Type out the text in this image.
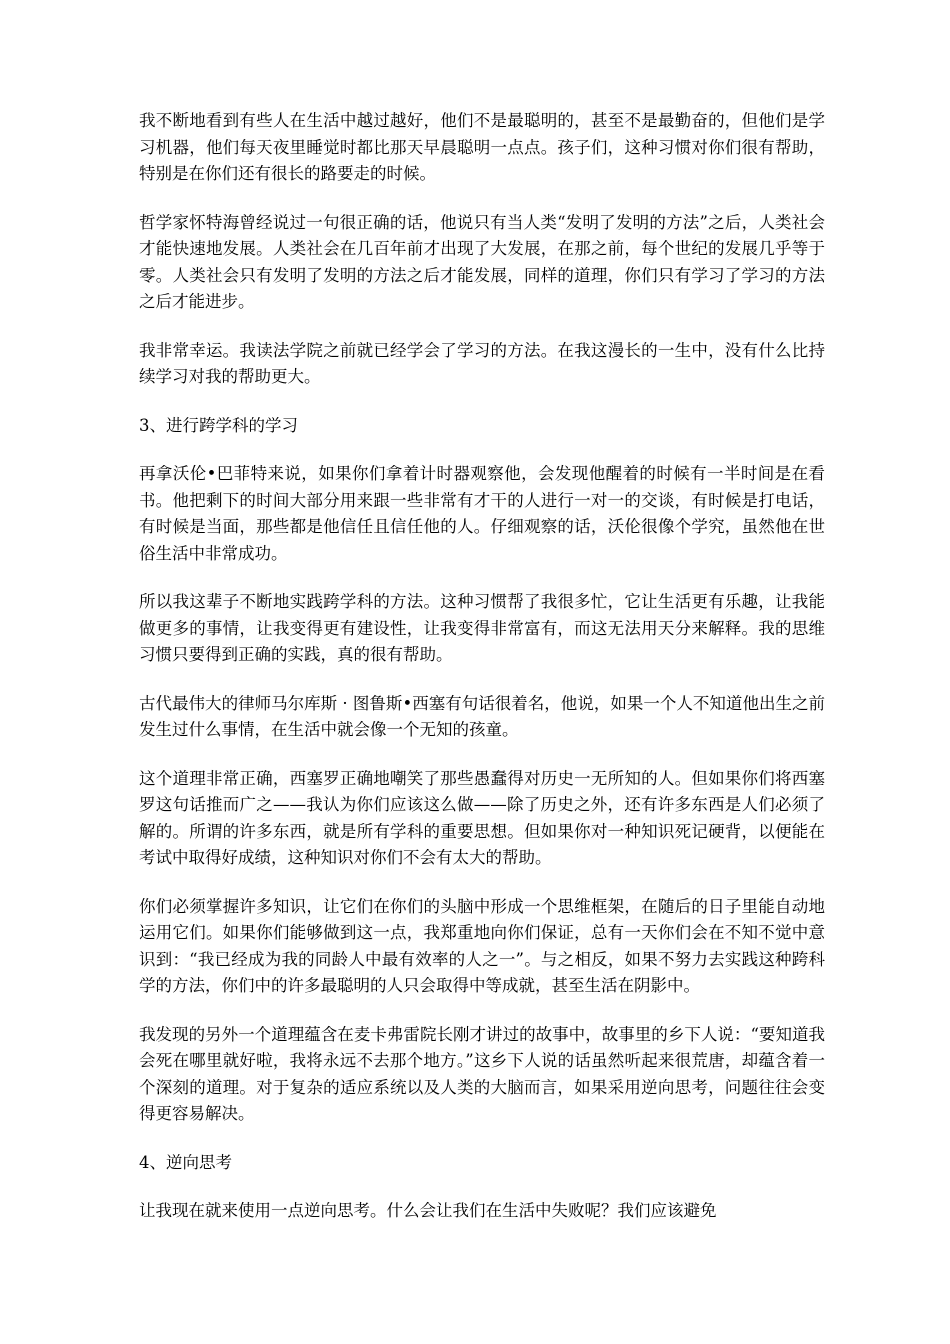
我不断地看到有些人在生活中越过越好，他们不是最聪明的，甚至不是最勤奋的，但他们是学习机器，他们每天夜里睡觉时都比那天早晨聪明一点点。孩子们，这种习惯对你们很有帮助，特别是在你们还有很长的路要走的时候。

哲学家怀特海曾经说过一句很正确的话，他说只有当人类“发明了发明的方法”之后，人类社会才能快速地发展。人类社会在几百年前才出现了大发展，在那之前，每个世纪的发展几乎等于零。人类社会只有发明了发明的方法之后才能发展，同样的道理，你们只有学习了学习的方法之后才能进步。

我非常幸运。我读法学院之前就已经学会了学习的方法。在我这漫长的一生中，没有什么比持续学习对我的帮助更大。

3、进行跨学科的学习

再拿沃伦•巴菲特来说，如果你们拿着计时器观察他，会发现他醒着的时候有一半时间是在看书。他把剩下的时间大部分用来跟一些非常有才干的人进行一对一的交谈，有时候是打电话，有时候是当面，那些都是他信任且信任他的人。仔细观察的话，沃伦很像个学究，虽然他在世俗生活中非常成功。

所以我这辈子不断地实践跨学科的方法。这种习惯帮了我很多忙，它让生活更有乐趣，让我能做更多的事情，让我变得更有建设性，让我变得非常富有，而这无法用天分来解释。我的思维习惯只要得到正确的实践，真的很有帮助。

古代最伟大的律师马尔库斯 · 图鲁斯•西塞有句话很着名，他说，如果一个人不知道他出生之前发生过什么事情，在生活中就会像一个无知的孩童。

这个道理非常正确，西塞罗正确地嘲笑了那些愚蠢得对历史一无所知的人。但如果你们将西塞罗这句话推而广之——我认为你们应该这么做——除了历史之外，还有许多东西是人们必须了解的。所谓的许多东西，就是所有学科的重要思想。但如果你对一种知识死记硬背，以便能在考试中取得好成绩，这种知识对你们不会有太大的帮助。

你们必须掌握许多知识，让它们在你们的头脑中形成一个思维框架，在随后的日子里能自动地运用它们。如果你们能够做到这一点，我郑重地向你们保证，总有一天你们会在不知不觉中意识到：“我已经成为我的同龄人中最有效率的人之一”。与之相反，如果不努力去实践这种跨科学的方法，你们中的许多最聪明的人只会取得中等成就，甚至生活在阴影中。

我发现的另外一个道理蕴含在麦卡弗雷院长刚才讲过的故事中，故事里的乡下人说：“要知道我会死在哪里就好啦，我将永远不去那个地方。”这乡下人说的话虽然听起来很荒唐，却蕴含着一个深刻的道理。对于复杂的适应系统以及人类的大脑而言，如果采用逆向思考，问题往往会变得更容易解决。

4、逆向思考

让我现在就来使用一点逆向思考。什么会让我们在生活中失败呢？我们应该避免
